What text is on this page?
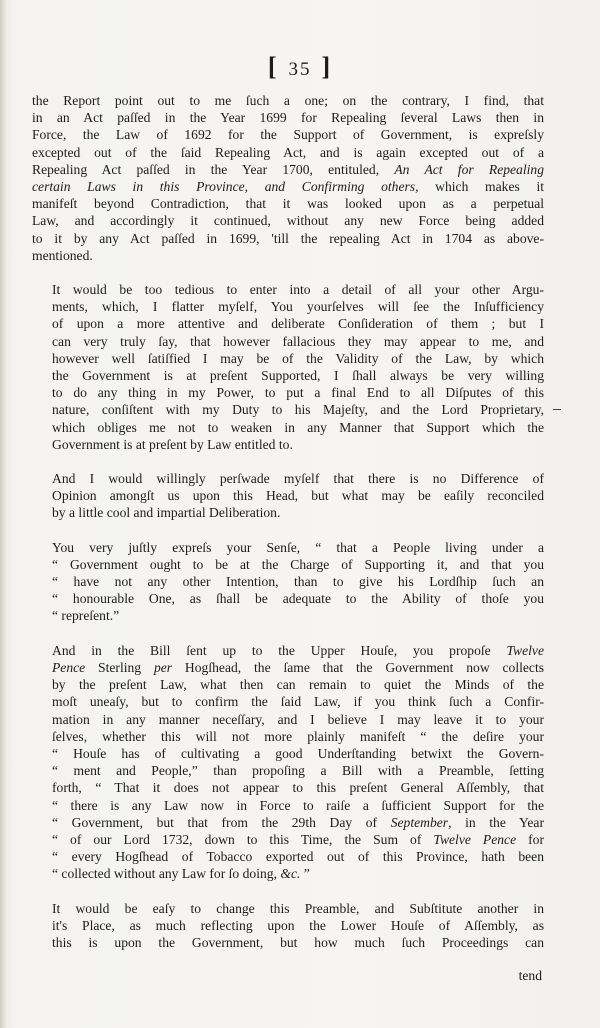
[ 35 ]
the Report point out to me ſuch a one; on the contrary, I find, that
in an Act paſſed in the Year 1699 for Repealing ſeveral Laws then in
Force, the Law of 1692 for the Support of Government, is expreſsly
excepted out of the ſaid Repealing Act, and is again excepted out of a
Repealing Act paſſed in the Year 1700, entituled, An Act for Repealing
certain Laws in this Province, and Confirming others, which makes it
manifeſt beyond Contradiction, that it was looked upon as a perpetual
Law, and accordingly it continued, without any new Force being added
to it by any Act paſſed in 1699, 'till the repealing Act in 1704 as above-
mentioned.
It would be too tedious to enter into a detail of all your other Argu-
ments, which, I flatter myſelf, You yourſelves will ſee the Inſufficiency
of upon a more attentive and deliberate Conſideration of them ; but I
can very truly ſay, that however fallacious they may appear to me, and
however well ſatiſfied I may be of the Validity of the Law, by which
the Government is at preſent Supported, I ſhall always be very willing
to do any thing in my Power, to put a final End to all Diſputes of this
nature, conſiſtent with my Duty to his Majeſty, and the Lord Proprietary,
which obliges me not to weaken in any Manner that Support which the
Government is at preſent by Law entitled to.
And I would willingly perſwade myſelf that there is no Difference of
Opinion amongſt us upon this Head, but what may be eaſily reconciled
by a little cool and impartial Deliberation.
You very juſtly expreſs your Senſe, “ that a People living under a
“ Government ought to be at the Charge of Supporting it, and that you
“ have not any other Intention, than to give his Lordſhip ſuch an
“ honourable One, as ſhall be adequate to the Ability of thoſe you
“ repreſent.”
And in the Bill ſent up to the Upper Houſe, you propoſe Twelve
Pence Sterling per Hogſhead, the ſame that the Government now collects
by the preſent Law, what then can remain to quiet the Minds of the
moſt uneaſy, but to confirm the ſaid Law, if you think ſuch a Confir-
mation in any manner neceſſary, and I believe I may leave it to your
ſelves, whether this will not more plainly manifeſt “ the deſire your
“ Houſe has of cultivating a good Underſtanding betwixt the Govern-
“ ment and People,” than propoſing a Bill with a Preamble, ſetting
forth, “ That it does not appear to this preſent General Aſſembly, that
“ there is any Law now in Force to raiſe a ſufficient Support for the
“ Government, but that from the 29th Day of September, in the Year
“ of our Lord 1732, down to this Time, the Sum of Twelve Pence for
“ every Hogſhead of Tobacco exported out of this Province, hath been
“ collected without any Law for ſo doing, &c. ”
It would be eaſy to change this Preamble, and Subſtitute another in
it's Place, as much reflecting upon the Lower Houſe of Aſſembly, as
this is upon the Government, but how much ſuch Proceedings can
tend
